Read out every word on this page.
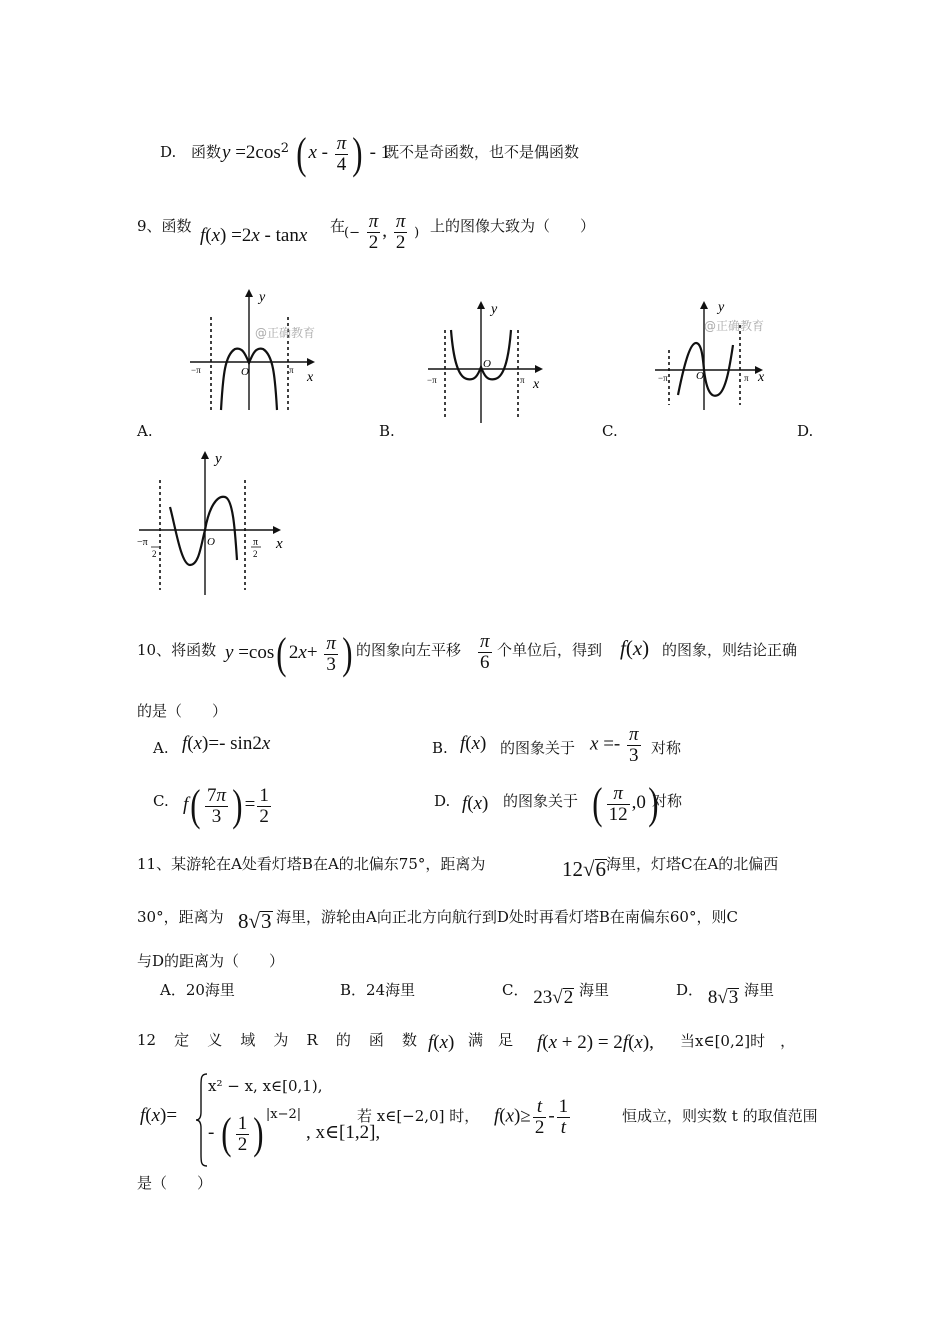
D. 函数 $y =2\cos^2$ ( x - $\frac{\pi}{4}$ ) - 1
既不是奇函数，也不是偶函数
9、函数 f(x) =2x - tanx 在
(− $\frac{\pi}{2}$ , $\frac{\pi}{2}$ ) 上的图像大致为（　　）
y
x
O
−π	π
@正确教育
y
x
O
−π	π
y
x
O
−π	π
@正确教育
A.	B.	C.	D.
y
x
O
−π	π
2	2
10、将函数 y =cos( $2x+ \frac{\pi}{3}$ ) 的图象向左平移 $\frac{\pi}{6}$ 个单位后，得到 f(x) 的图象，则结论正确
的是（　　）
A. f(x)=- sin2x	B. f(x) 的图象关于 $x =- \frac{\pi}{3}$ 对称
C. $f( \frac{7\pi}{3}$ ) = $\frac{1}{2}$	D. f(x) 的图象关于 ( $\frac{\pi}{12} ,0$)
对称
11、某游轮在A处看灯塔B在A的北偏东75°，距离为	12√6 海里，灯塔C在A的北偏西
30°，距离为 8√3 海里，游轮由A向正北方向航行到D处时再看灯塔B在南偏东60°，则C
与D的距离为（　　）
A．20海里	B．24海里	C． 23√2 海里	D． 8√3 海里
12 定 义 域 为 R 的 函 数 f(x) 满　足 f(x + 2) = 2f(x), 当x∈[0,2]时　，
f(x)=
x² − x, x∈[0,1),
- ( $\frac{1}{2}$ ) $^{|x-2|}$ , x∈[1,2],
若 x∈[−2,0] 时， $f(x)\ge \frac{t}{2} - \frac{1}{t}$	恒成立，则实数 t 的取值范围
是（　　）
